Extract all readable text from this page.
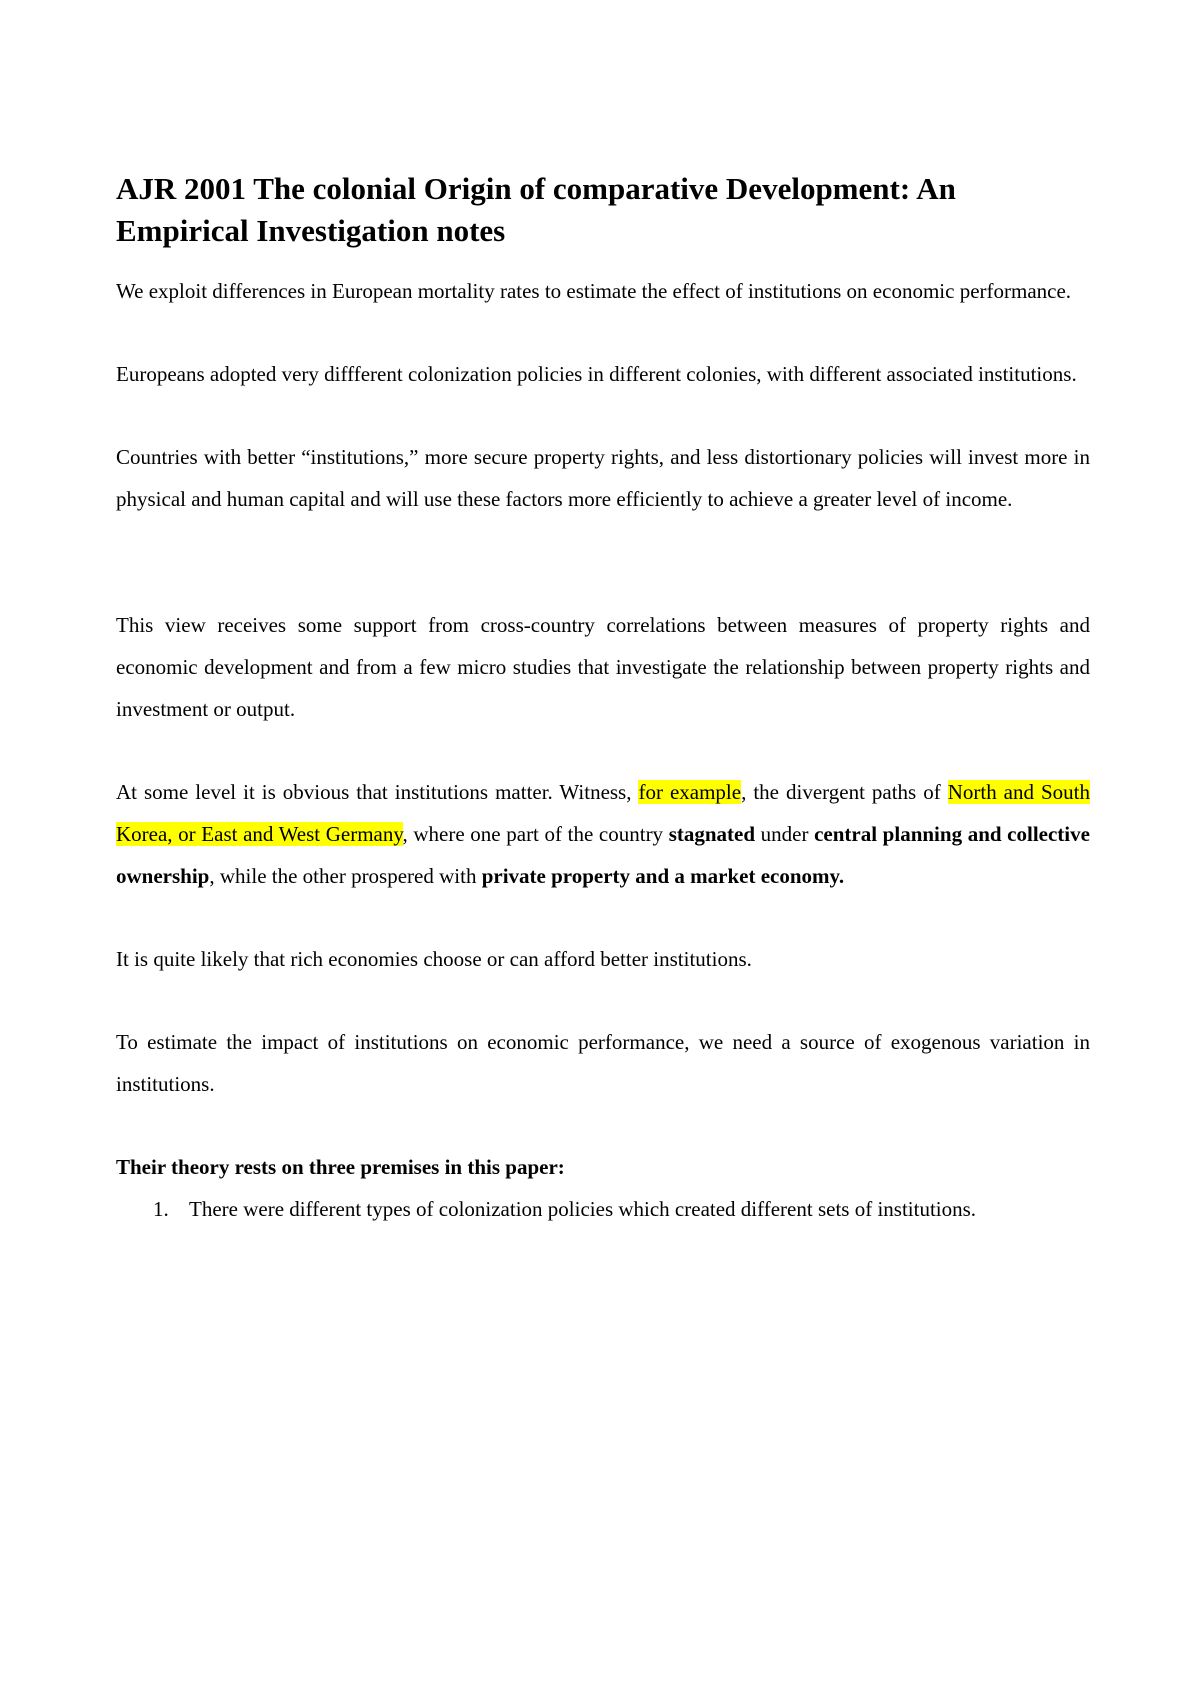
AJR 2001 The colonial Origin of comparative Development: An Empirical Investigation notes

We exploit differences in European mortality rates to estimate the effect of institutions on economic performance.

Europeans adopted very diffferent colonization policies in different colonies, with different associated institutions.

Countries with better “institutions,” more secure property rights, and less distortionary policies will invest more in physical and human capital and will use these factors more efficiently to achieve a greater level of income.

This view receives some support from cross-country correlations between measures of property rights and economic development and from a few micro studies that investigate the relationship between property rights and investment or output.

At some level it is obvious that institutions matter. Witness, for example, the divergent paths of North and South Korea, or East and West Germany, where one part of the country stagnated under central planning and collective ownership, while the other prospered with private property and a market economy.

It is quite likely that rich economies choose or can afford better institutions.

To estimate the impact of institutions on economic performance, we need a source of exogenous variation in institutions.

Their theory rests on three premises in this paper:
1. There were different types of colonization policies which created different sets of institutions.
